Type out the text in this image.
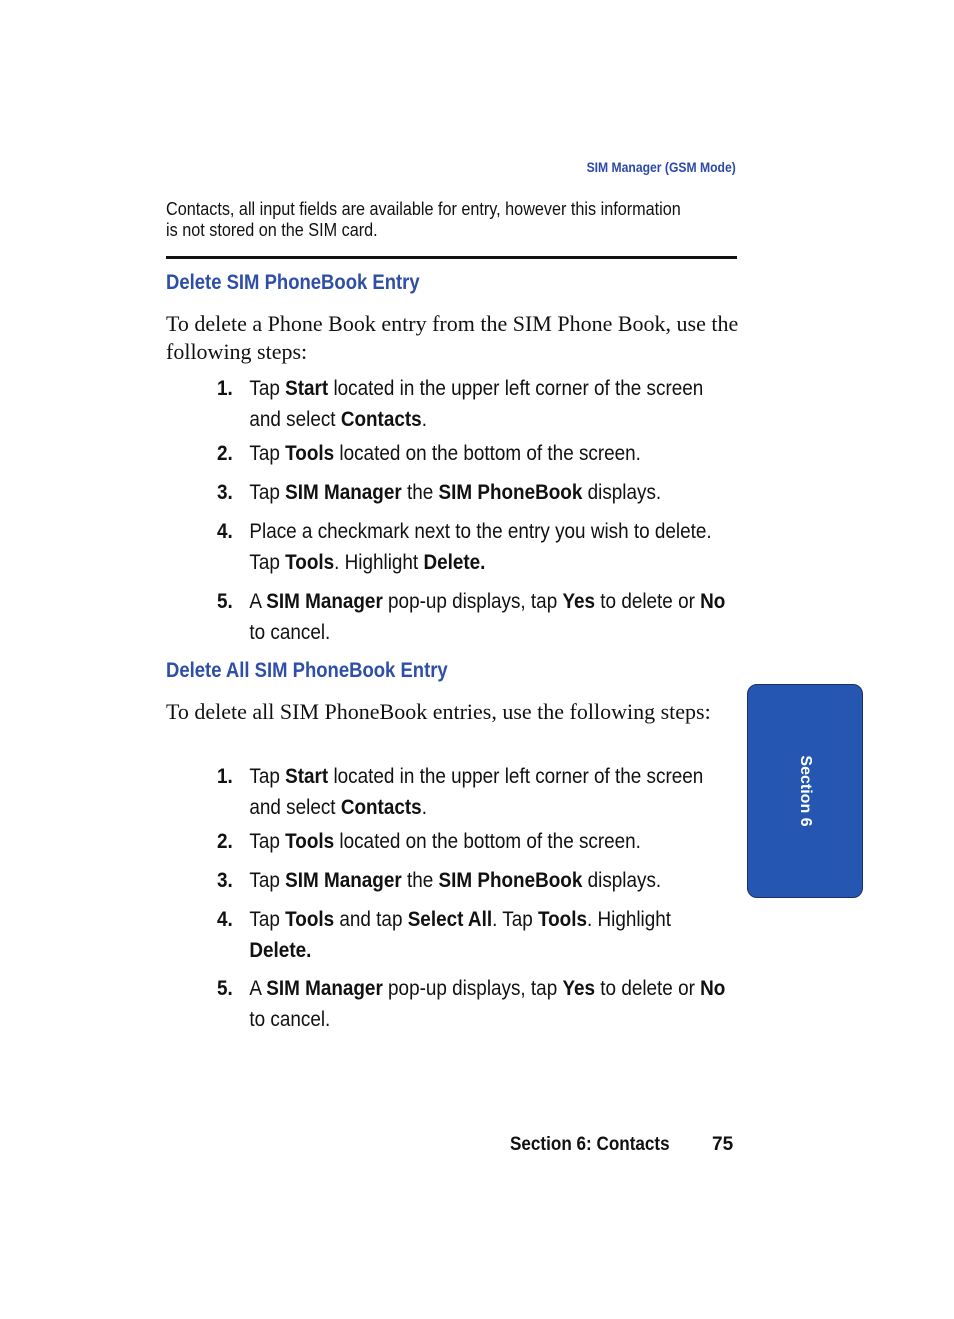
SIM Manager (GSM Mode)
Contacts, all input fields are available for entry, however this information is not stored on the SIM card.
Delete SIM PhoneBook Entry
To delete a Phone Book entry from the SIM Phone Book, use the following steps:
1. Tap Start located in the upper left corner of the screen and select Contacts.
2. Tap Tools located on the bottom of the screen.
3. Tap SIM Manager the SIM PhoneBook displays.
4. Place a checkmark next to the entry you wish to delete. Tap Tools. Highlight Delete.
5. A SIM Manager pop-up displays, tap Yes to delete or No to cancel.
Delete All SIM PhoneBook Entry
To delete all SIM PhoneBook entries, use the following steps:
1. Tap Start located in the upper left corner of the screen and select Contacts.
2. Tap Tools located on the bottom of the screen.
3. Tap SIM Manager the SIM PhoneBook displays.
4. Tap Tools and tap Select All. Tap Tools. Highlight Delete.
5. A SIM Manager pop-up displays, tap Yes to delete or No to cancel.
Section 6
Section 6: Contacts 75
